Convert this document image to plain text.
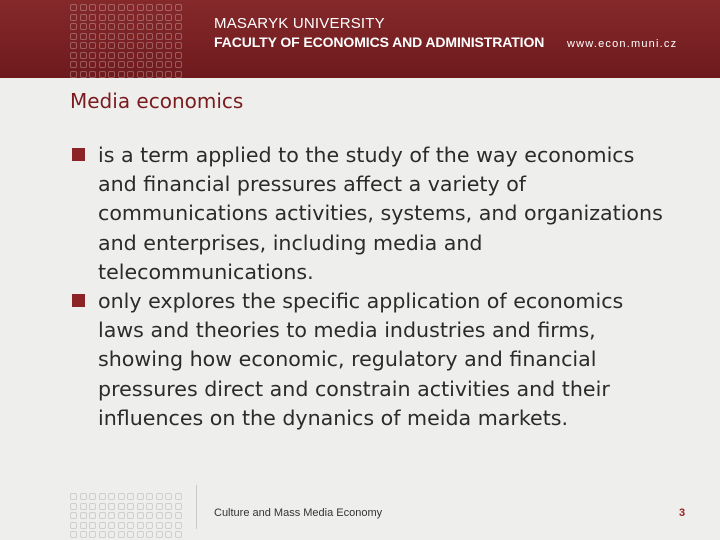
MASARYK UNIVERSITY
FACULTY OF ECONOMICS AND ADMINISTRATION www.econ.muni.cz
Media economics
is a term applied to the study of the way economics and financial pressures affect a variety of communications activities, systems, and organizations and enterprises, including media and telecommunications.
only explores the specific application of economics laws and theories to media industries and firms, showing how economic, regulatory and financial pressures direct and constrain activities and their influences on the dynanics of meida markets.
Culture and Mass Media Economy	3
